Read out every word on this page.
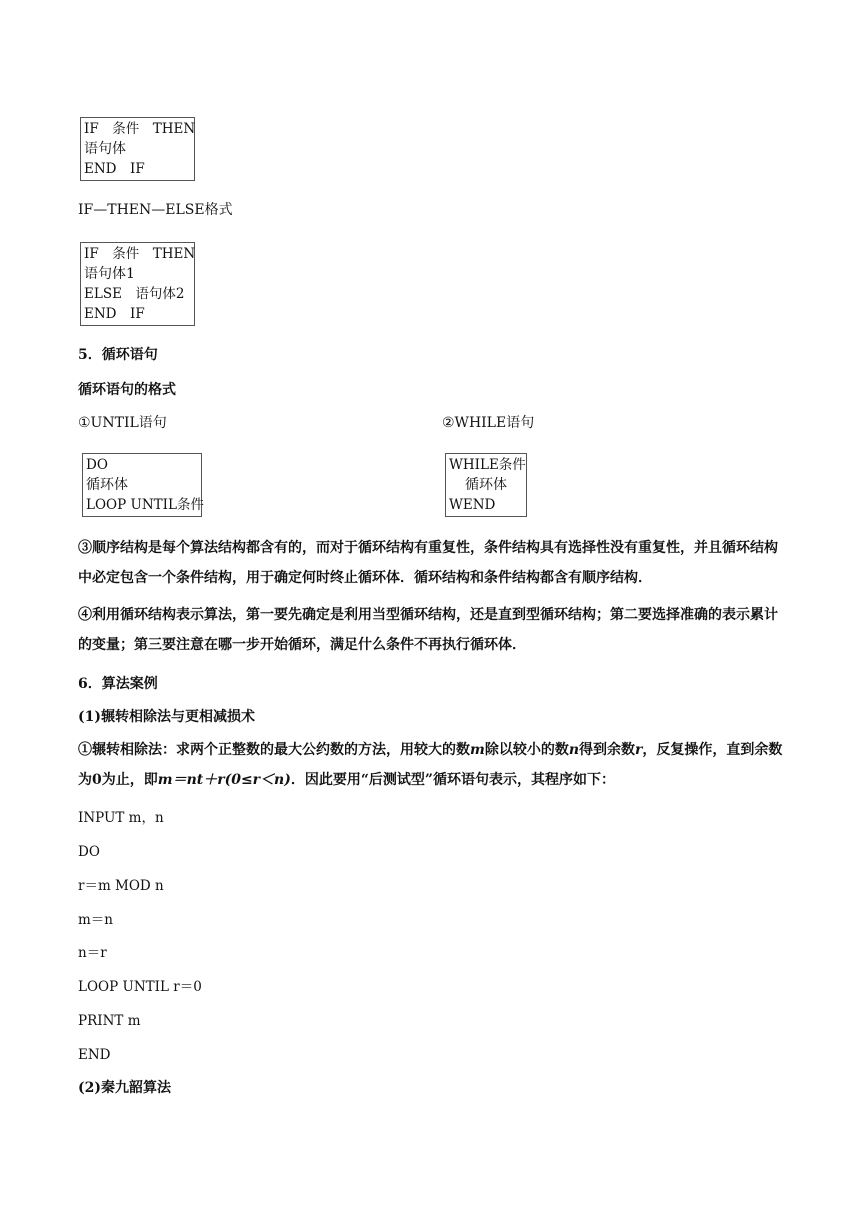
IF　条件　THEN
语句体
END　IF
IF—THEN—ELSE格式
IF　条件　THEN
语句体1
ELSE　语句体2
END　IF
5．循环语句
循环语句的格式
①UNTIL语句	②WHILE语句
DO
循环体
LOOP UNTIL条件
WHILE条件
循环体
WEND
③顺序结构是每个算法结构都含有的，而对于循环结构有重复性，条件结构具有选择性没有重复性，并且循环结构中必定包含一个条件结构，用于确定何时终止循环体．循环结构和条件结构都含有顺序结构．
④利用循环结构表示算法，第一要先确定是利用当型循环结构，还是直到型循环结构；第二要选择准确的表示累计的变量；第三要注意在哪一步开始循环，满足什么条件不再执行循环体．
6．算法案例
(1)辗转相除法与更相减损术
①辗转相除法：求两个正整数的最大公约数的方法，用较大的数m除以较小的数n得到余数r，反复操作，直到余数为0为止，即m＝nt＋r(0≤r＜n)．因此要用“后测试型”循环语句表示，其程序如下：
INPUT m，n
DO
r＝m MOD n
m＝n
n＝r
LOOP UNTIL r＝0
PRINT m
END
(2)秦九韶算法
